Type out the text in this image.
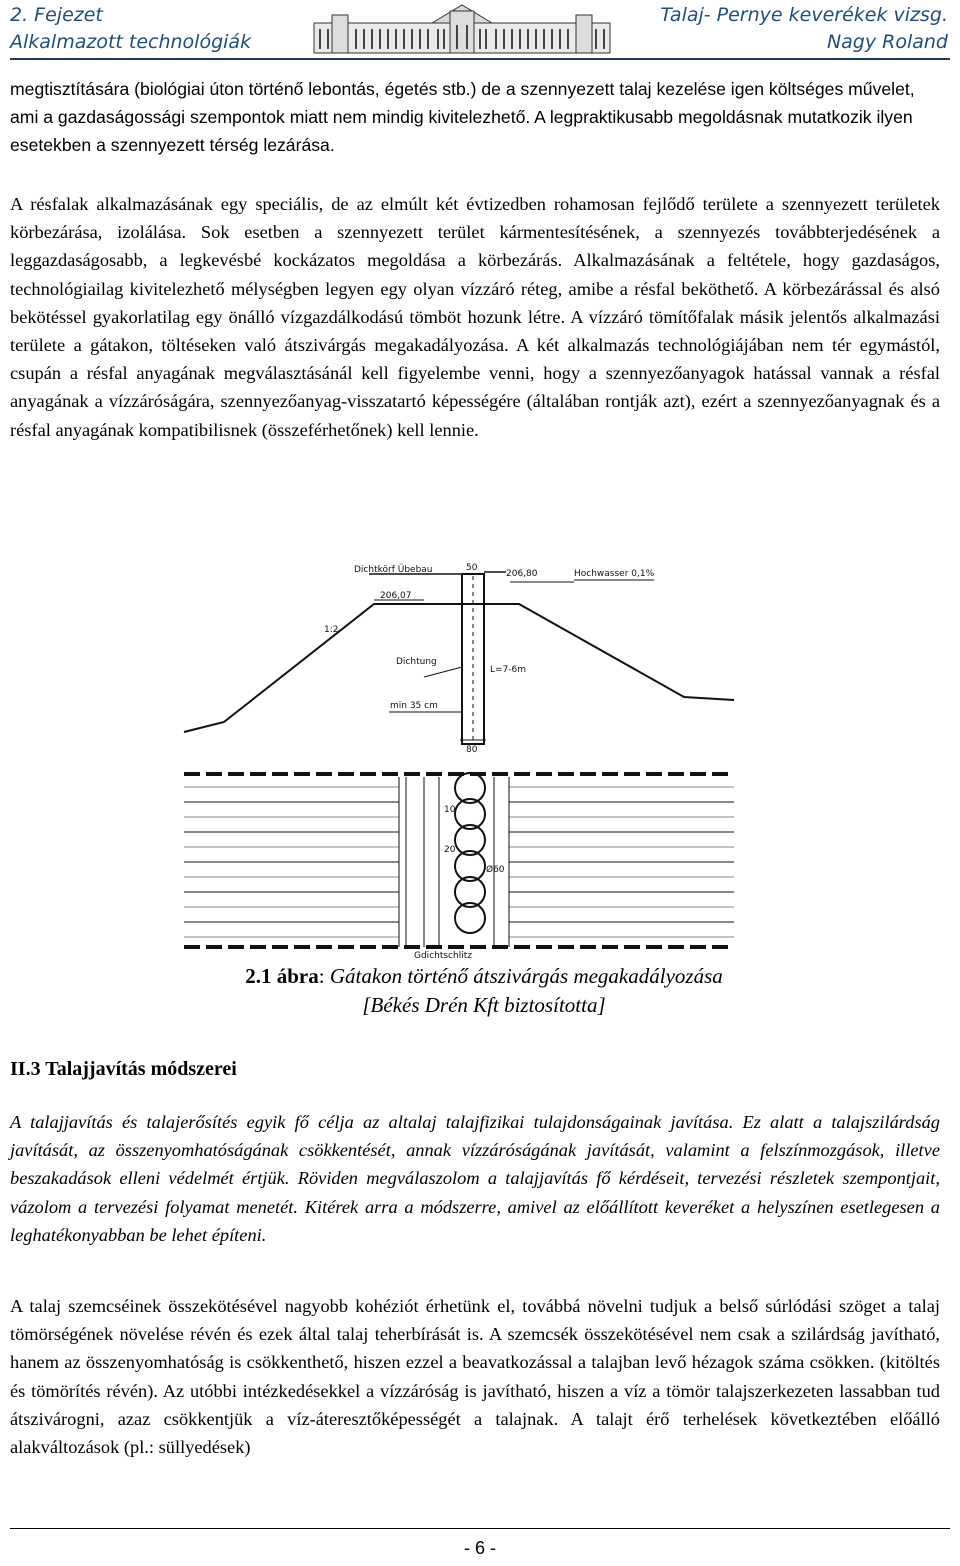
2. Fejezet
Alkalmazott technológiák
Talaj- Pernye keverékek vizsg.
Nagy Roland
megtisztítására (biológiai úton történő lebontás, égetés stb.) de a szennyezett talaj kezelése igen költséges művelet, ami a gazdaságossági szempontok miatt nem mindig kivitelezhető. A legpraktikusabb megoldásnak mutatkozik ilyen esetekben a szennyezett térség lezárása.
A résfalak alkalmazásának egy speciális, de az elmúlt két évtizedben rohamosan fejlődő területe a szennyezett területek körbezárása, izolálása. Sok esetben a szennyezett terület kármentesítésének, a szennyezés továbbterjedésének a leggazdaságosabb, a legkevésbé kockázatos megoldása a körbezárás. Alkalmazásának a feltétele, hogy gazdaságos, technológiailag kivitelezhető mélységben legyen egy olyan vízzáró réteg, amibe a résfal beköthető. A körbezárással és alsó bekötéssel gyakorlatilag egy önálló vízgazdálkodású tömböt hozunk létre. A vízzáró tömítőfalak másik jelentős alkalmazási területe a gátakon, töltéseken való átszivárgás megakadályozása. A két alkalmazás technológiájában nem tér egymástól, csupán a résfal anyagának megválasztásánál kell figyelembe venni, hogy a szennyezőanyagok hatással vannak a résfal anyagának a vízzáróságára, szennyezőanyag-visszatartó képességére (általában rontják azt), ezért a szennyezőanyagnak és a résfal anyagának kompatibilisnek (összeférhetőnek) kell lennie.
Dichtkörf Übebau	206,80
206,07
50
Hochwasser 0,1%
1:2
Dichtung
L=7-6m
min 35 cm
80
10
20
Ø60
Gdichtschlitz
2.1 ábra: Gátakon történő átszivárgás megakadályozása
[Békés Drén Kft biztosította]
II.3 Talajjavítás módszerei
A talajjavítás és talajerősítés egyik fő célja az altalaj talajfizikai tulajdonságainak javítása. Ez alatt a talajszilárdság javítását, az összenyomhatóságának csökkentését, annak vízzáróságának javítását, valamint a felszínmozgások, illetve beszakadások elleni védelmét értjük. Röviden megválaszolom a talajjavítás fő kérdéseit, tervezési részletek szempontjait, vázolom a tervezési folyamat menetét. Kitérek arra a módszerre, amivel az előállított keveréket a helyszínen esetlegesen a leghatékonyabban be lehet építeni.
A talaj szemcséinek összekötésével nagyobb kohéziót érhetünk el, továbbá növelni tudjuk a belső súrlódási szöget a talaj tömörségének növelése révén és ezek által talaj teherbírását is. A szemcsék összekötésével nem csak a szilárdság javítható, hanem az összenyomhatóság is csökkenthető, hiszen ezzel a beavatkozással a talajban levő hézagok száma csökken. (kitöltés és tömörítés révén). Az utóbbi intézkedésekkel a vízzáróság is javítható, hiszen a víz a tömör talajszerkezeten lassabban tud átszivárogni, azaz csökkentjük a víz-áteresztőképességét a talajnak. A talajt érő terhelések következtében előálló alakváltozások (pl.: süllyedések)
- 6 -
